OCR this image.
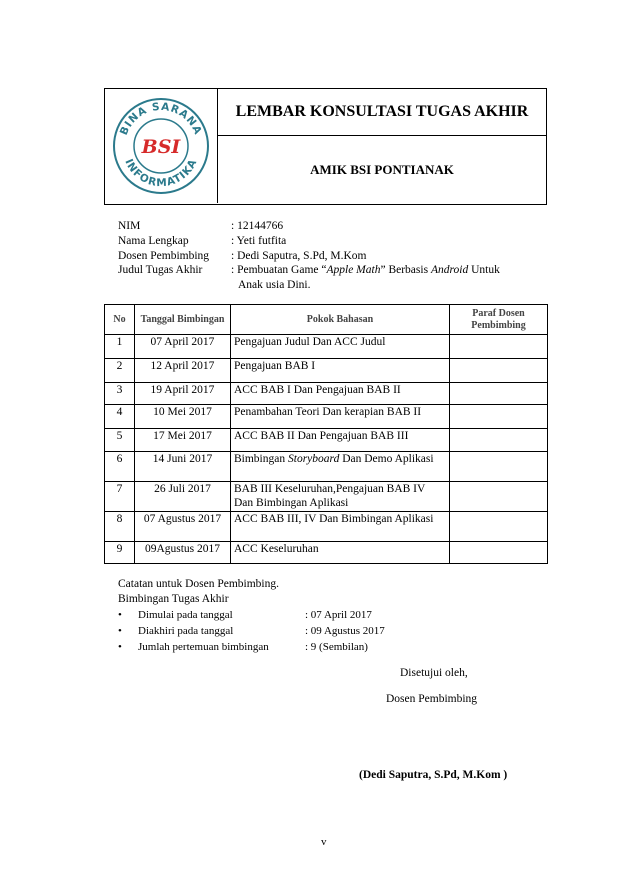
BINA SARANA
INFORMATIKA
BSI
LEMBAR KONSULTASI TUGAS AKHIR
AMIK BSI PONTIANAK
NIM	: 12144766
Nama Lengkap	: Yeti futfita
Dosen Pembimbing : Dedi Saputra, S.Pd, M.Kom
Judul Tugas Akhir : Pembuatan Game “Apple Math” Berbasis Android Untuk
Anak usia Dini.
No	Tanggal Bimbingan	Pokok Bahasan	Paraf Dosen Pembimbing
1	07 April 2017	Pengajuan Judul Dan ACC Judul	
2	12 April 2017	Pengajuan BAB I	
3	19 April 2017	ACC BAB I Dan Pengajuan BAB II	
4	10 Mei 2017	Penambahan Teori Dan kerapian BAB II	
5	17 Mei 2017	ACC BAB II Dan Pengajuan BAB III	
6	14 Juni 2017	Bimbingan Storyboard Dan Demo Aplikasi	
7	26 Juli 2017	BAB III Keseluruhan,Pengajuan BAB IV Dan Bimbingan Aplikasi	
8	07 Agustus 2017	ACC BAB III, IV Dan Bimbingan Aplikasi	
9	09Agustus 2017	ACC Keseluruhan	
Catatan untuk Dosen Pembimbing.
Bimbingan Tugas Akhir
• Dimulai pada tanggal	: 07 April 2017
• Diakhiri pada tanggal	: 09 Agustus 2017
• Jumlah pertemuan bimbingan	: 9 (Sembilan)
Disetujui oleh,
Dosen Pembimbing
(Dedi Saputra, S.Pd, M.Kom )
v
